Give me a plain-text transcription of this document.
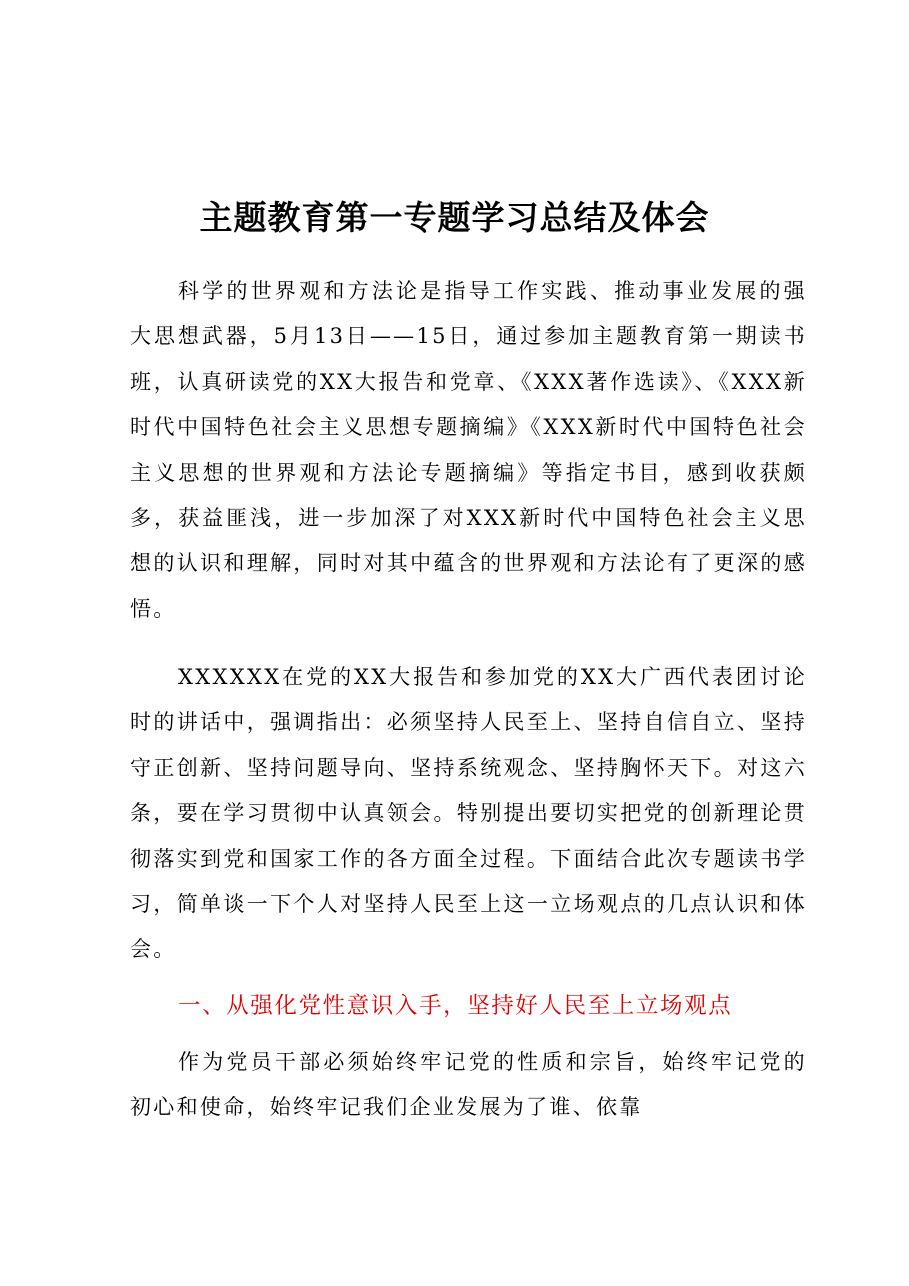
主题教育第一专题学习总结及体会

科学的世界观和方法论是指导工作实践、推动事业发展的强大思想武器，5月13日——15日，通过参加主题教育第一期读书班，认真研读党的XX大报告和党章、《XXX著作选读》、《XXX新时代中国特色社会主义思想专题摘编》《XXX新时代中国特色社会主义思想的世界观和方法论专题摘编》等指定书目，感到收获颇多，获益匪浅，进一步加深了对XXX新时代中国特色社会主义思想的认识和理解，同时对其中蕴含的世界观和方法论有了更深的感悟。

XXXXXX在党的XX大报告和参加党的XX大广西代表团讨论时的讲话中，强调指出：必须坚持人民至上、坚持自信自立、坚持守正创新、坚持问题导向、坚持系统观念、坚持胸怀天下。对这六条，要在学习贯彻中认真领会。特别提出要切实把党的创新理论贯彻落实到党和国家工作的各方面全过程。下面结合此次专题读书学习，简单谈一下个人对坚持人民至上这一立场观点的几点认识和体会。

一、从强化党性意识入手，坚持好人民至上立场观点

作为党员干部必须始终牢记党的性质和宗旨，始终牢记党的初心和使命，始终牢记我们企业发展为了谁、依靠
